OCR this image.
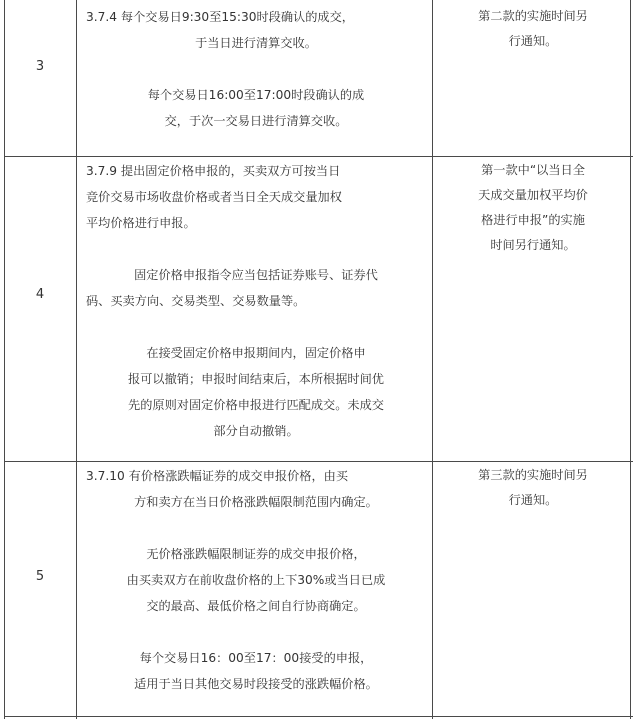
3

3.7.4 每个交易日9:30至15:30时段确认的成交，

于当日进行清算交收。

每个交易日16:00至17:00时段确认的成

交，于次一交易日进行清算交收。

第二款的实施时间另

行通知。

4

3.7.9 提出固定价格申报的，买卖双方可按当日

竞价交易市场收盘价格或者当日全天成交量加权

平均价格进行申报。

固定价格申报指令应当包括证券账号、证券代

码、买卖方向、交易类型、交易数量等。

在接受固定价格申报期间内，固定价格申

报可以撤销；申报时间结束后，本所根据时间优

先的原则对固定价格申报进行匹配成交。未成交

部分自动撤销。

第一款中“以当日全

天成交量加权平均价

格进行申报”的实施

时间另行通知。

5

3.7.10 有价格涨跌幅证券的成交申报价格，由买

方和卖方在当日价格涨跌幅限制范围内确定。

无价格涨跌幅限制证券的成交申报价格，

由买卖双方在前收盘价格的上下30%或当日已成

交的最高、最低价格之间自行协商确定。

每个交易日16：00至17：00接受的申报，

适用于当日其他交易时段接受的涨跌幅价格。

第三款的实施时间另

行通知。
